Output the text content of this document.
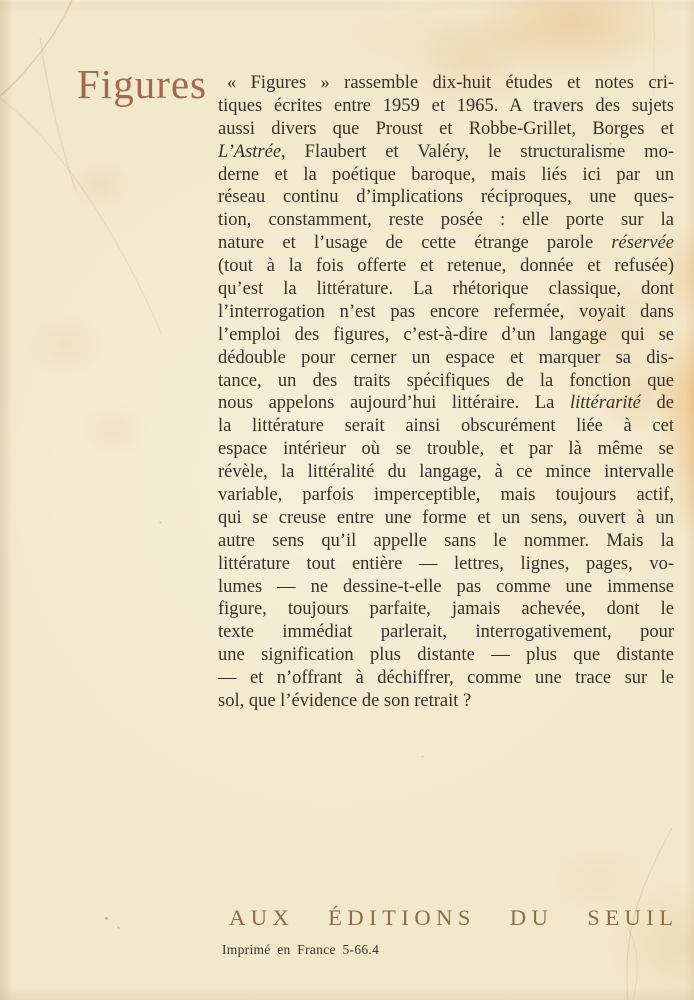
Figures	« Figures » rassemble dix-huit études et notes cri-
tiques écrites entre 1959 et 1965. A travers des sujets
aussi divers que Proust et Robbe-Grillet, Borges et
L’Astrée, Flaubert et Valéry, le structuralisme mo-
derne et la poétique baroque, mais liés ici par un
réseau continu d’implications réciproques, une ques-
tion, constamment, reste posée : elle porte sur la
nature et l’usage de cette étrange parole réservée
(tout à la fois offerte et retenue, donnée et refusée)
qu’est la littérature. La rhétorique classique, dont
l’interrogation n’est pas encore refermée, voyait dans
l’emploi des figures, c’est-à-dire d’un langage qui se
dédouble pour cerner un espace et marquer sa dis-
tance, un des traits spécifiques de la fonction que
nous appelons aujourd’hui littéraire. La littérarité de
la littérature serait ainsi obscurément liée à cet
espace intérieur où se trouble, et par là même se
révèle, la littéralité du langage, à ce mince intervalle
variable, parfois imperceptible, mais toujours actif,
qui se creuse entre une forme et un sens, ouvert à un
autre sens qu’il appelle sans le nommer. Mais la
littérature tout entière — lettres, lignes, pages, vo-
lumes — ne dessine-t-elle pas comme une immense
figure, toujours parfaite, jamais achevée, dont le
texte immédiat parlerait, interrogativement, pour
une signification plus distante — plus que distante
— et n’offrant à déchiffrer, comme une trace sur le
sol, que l’évidence de son retrait ?
AUX ÉDITIONS DU SEUIL
Imprimé en France 5-66.4
